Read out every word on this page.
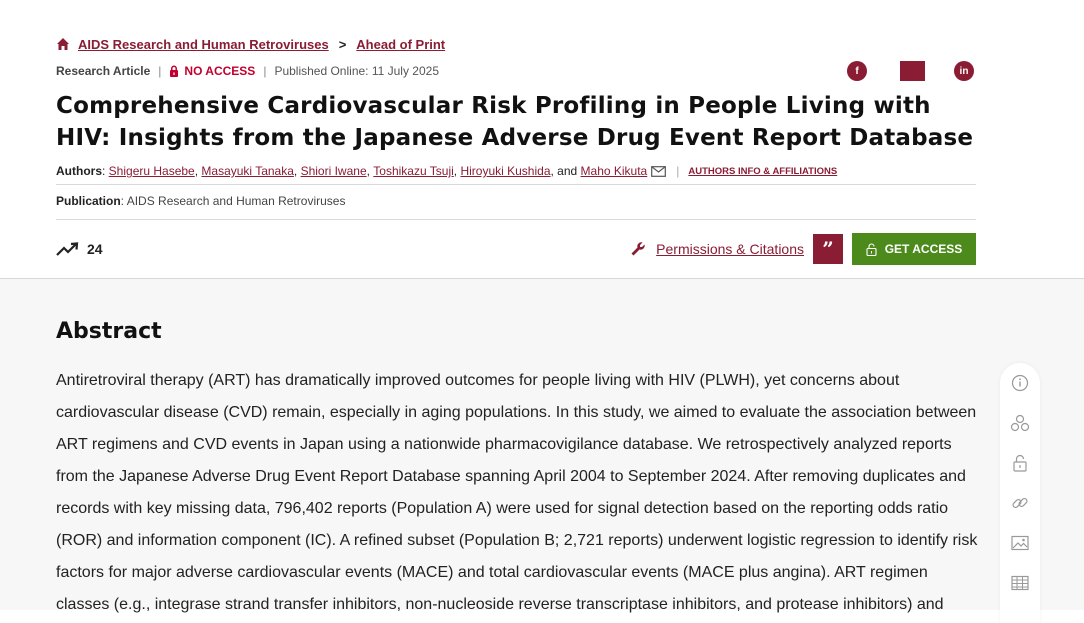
AIDS Research and Human Retroviruses > Ahead of Print
Research Article | NO ACCESS | Published Online: 11 July 2025	f	in
Comprehensive Cardiovascular Risk Profiling in People Living with HIV: Insights from the Japanese Adverse Drug Event Report Database
Authors : Shigeru Hasebe , Masayuki Tanaka , Shiori Iwane , Toshikazu Tsuji , Hiroyuki Kushida , and Maho Kikuta | AUTHORS INFO & AFFILIATIONS
Publication: AIDS Research and Human Retroviruses
24	Permissions & Citations ”	GET ACCESS
Abstract
Antiretroviral therapy (ART) has dramatically improved outcomes for people living with HIV (PLWH), yet concerns about cardiovascular disease (CVD) remain, especially in aging populations. In this study, we aimed to evaluate the association between ART regimens and CVD events in Japan using a nationwide pharmacovigilance database. We retrospectively analyzed reports from the Japanese Adverse Drug Event Report Database spanning April 2004 to September 2024. After removing duplicates and records with key missing data, 796,402 reports (Population A) were used for signal detection based on the reporting odds ratio (ROR) and information component (IC). A refined subset (Population B; 2,721 reports) underwent logistic regression to identify risk factors for major adverse cardiovascular events (MACE) and total cardiovascular events (MACE plus angina). ART regimen classes (e.g., integrase strand transfer inhibitors, non-nucleoside reverse transcriptase inhibitors, and protease inhibitors) and
